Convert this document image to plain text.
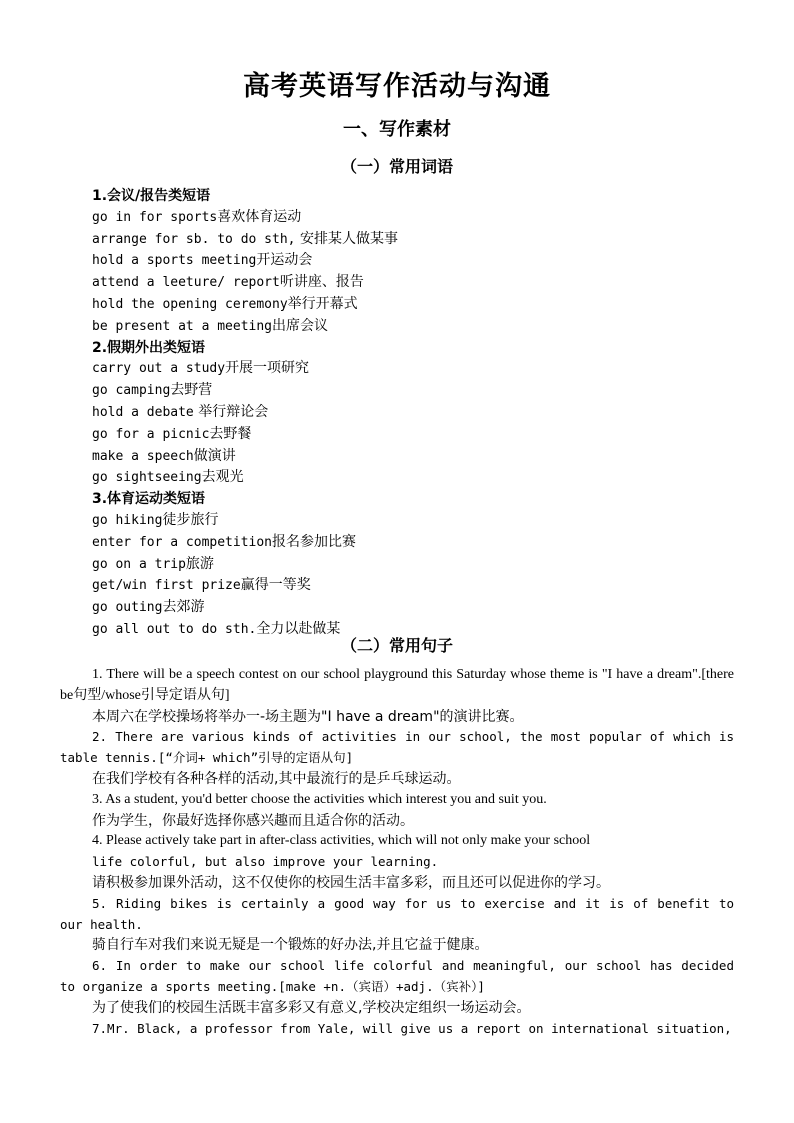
高考英语写作活动与沟通
一、写作素材
（一）常用词语
1.会议/报告类短语
go in for sports喜欢体育运动
arrange for sb. to do sth, 安排某人做某事
hold a sports meeting开运动会
attend a leeture/ report听讲座、报告
hold the opening ceremony举行开幕式
be present at a meeting出席会议
2.假期外出类短语
carry out a study开展一项研究
go camping去野营
hold a debate 举行辩论会
go for a picnic去野餐
make a speech做演讲
go sightseeing去观光
3.体育运动类短语
go hiking徒步旅行
enter for a competition报名参加比赛
go on a trip旅游
get/win first prize赢得一等奖
go outing去郊游
go all out to do sth.全力以赴做某
（二）常用句子

1. There will be a speech contest on our school playground this Saturday whose theme is "I have a dream".[there be句型/whose引导定语从句]

本周六在学校操场将举办一-场主题为"I have a dream"的演讲比赛。

2. There are various kinds of activities in our school, the most popular of which is table tennis.[“介词+ which”引导的定语从句]

在我们学校有各种各样的活动,其中最流行的是乒乓球运动。

3. As a student, you'd better choose the activities which interest you and suit you.

作为学生，你最好选择你感兴趣而且适合你的活动。

4. Please actively take part in after-class activities, which will not only make your school

life colorful, but also improve your learning.

请积极参加课外活动，这不仅使你的校园生活丰富多彩，而且还可以促进你的学习。

5. Riding bikes is certainly a good way for us to exercise and it is of benefit to our health.

骑自行车对我们来说无疑是一个锻炼的好办法,并且它益于健康。

6. In order to make our school life colorful and meaningful, our school has decided to organize a sports meeting.[make +n.（宾语）+adj.（宾补）]

为了使我们的校园生活既丰富多彩又有意义,学校决定组织一场运动会。

7.Mr. Black, a professor from Yale, will give us a report on international situation,
